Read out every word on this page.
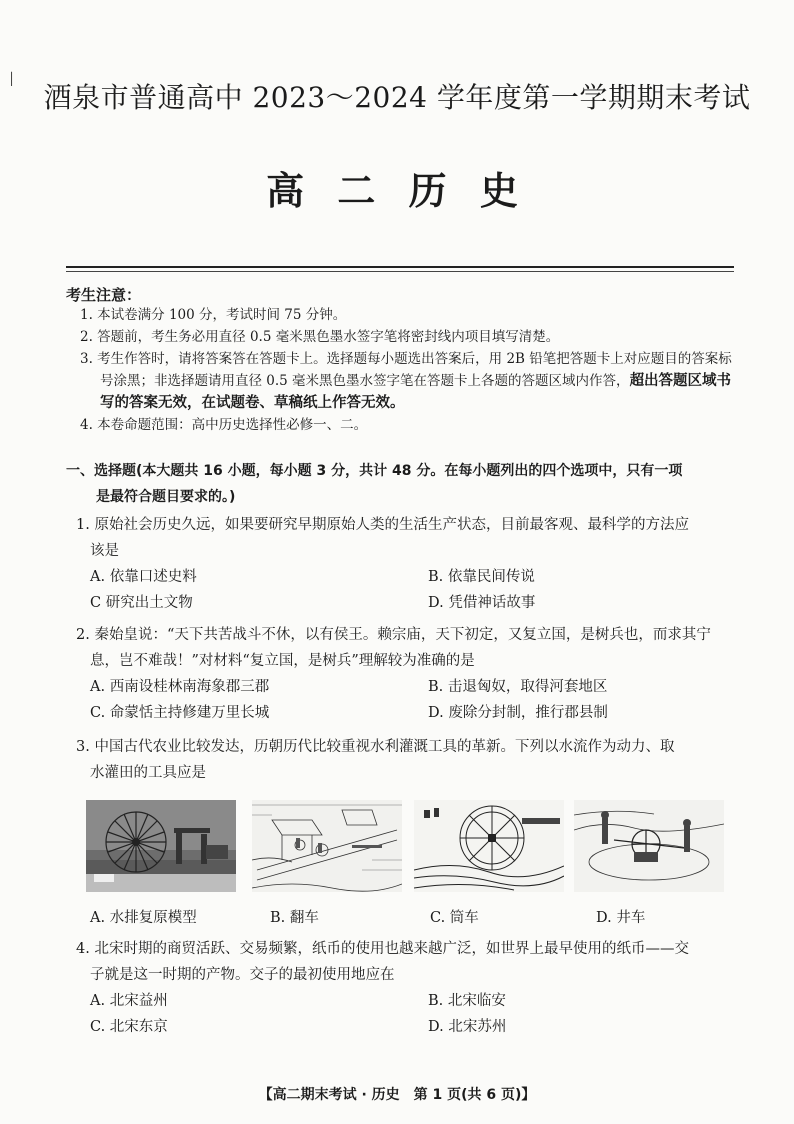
│
酒泉市普通高中 2023～2024 学年度第一学期期末考试
高 二 历 史
考生注意：

1. 本试卷满分 100 分，考试时间 75 分钟。

2. 答题前，考生务必用直径 0.5 毫米黑色墨水签字笔将密封线内项目填写清楚。

3. 考生作答时，请将答案答在答题卡上。选择题每小题选出答案后，用 2B 铅笔把答题卡上对应题目的答案标号涂黑；非选择题请用直径 0.5 毫米黑色墨水签字笔在答题卡上各题的答题区域内作答，超出答题区域书写的答案无效，在试题卷、草稿纸上作答无效。

4. 本卷命题范围：高中历史选择性必修一、二。

一、选择题(本大题共 16 小题，每小题 3 分，共计 48 分。在每小题列出的四个选项中，只有一项
是最符合题目要求的。)
1. 原始社会历史久远，如果要研究早期原始人类的生活生产状态，目前最客观、最科学的方法应
该是
A. 依靠口述史料	B. 依靠民间传说
C 研究出土文物	D. 凭借神话故事
2. 秦始皇说：“天下共苦战斗不休，以有侯王。赖宗庙，天下初定，又复立国，是树兵也，而求其宁
息，岂不难哉！”对材料“复立国，是树兵”理解较为准确的是
A. 西南设桂林南海象郡三郡	B. 击退匈奴，取得河套地区
C. 命蒙恬主持修建万里长城	D. 废除分封制，推行郡县制
3. 中国古代农业比较发达，历朝历代比较重视水利灌溉工具的革新。下列以水流作为动力、取
水灌田的工具应是
A. 水排复原模型	B. 翻车	C. 筒车	D. 井车
4. 北宋时期的商贸活跃、交易频繁，纸币的使用也越来越广泛，如世界上最早使用的纸币——交
子就是这一时期的产物。交子的最初使用地应在
A. 北宋益州	B. 北宋临安
C. 北宋东京	D. 北宋苏州
【高二期末考试 · 历史　第 1 页(共 6 页)】
